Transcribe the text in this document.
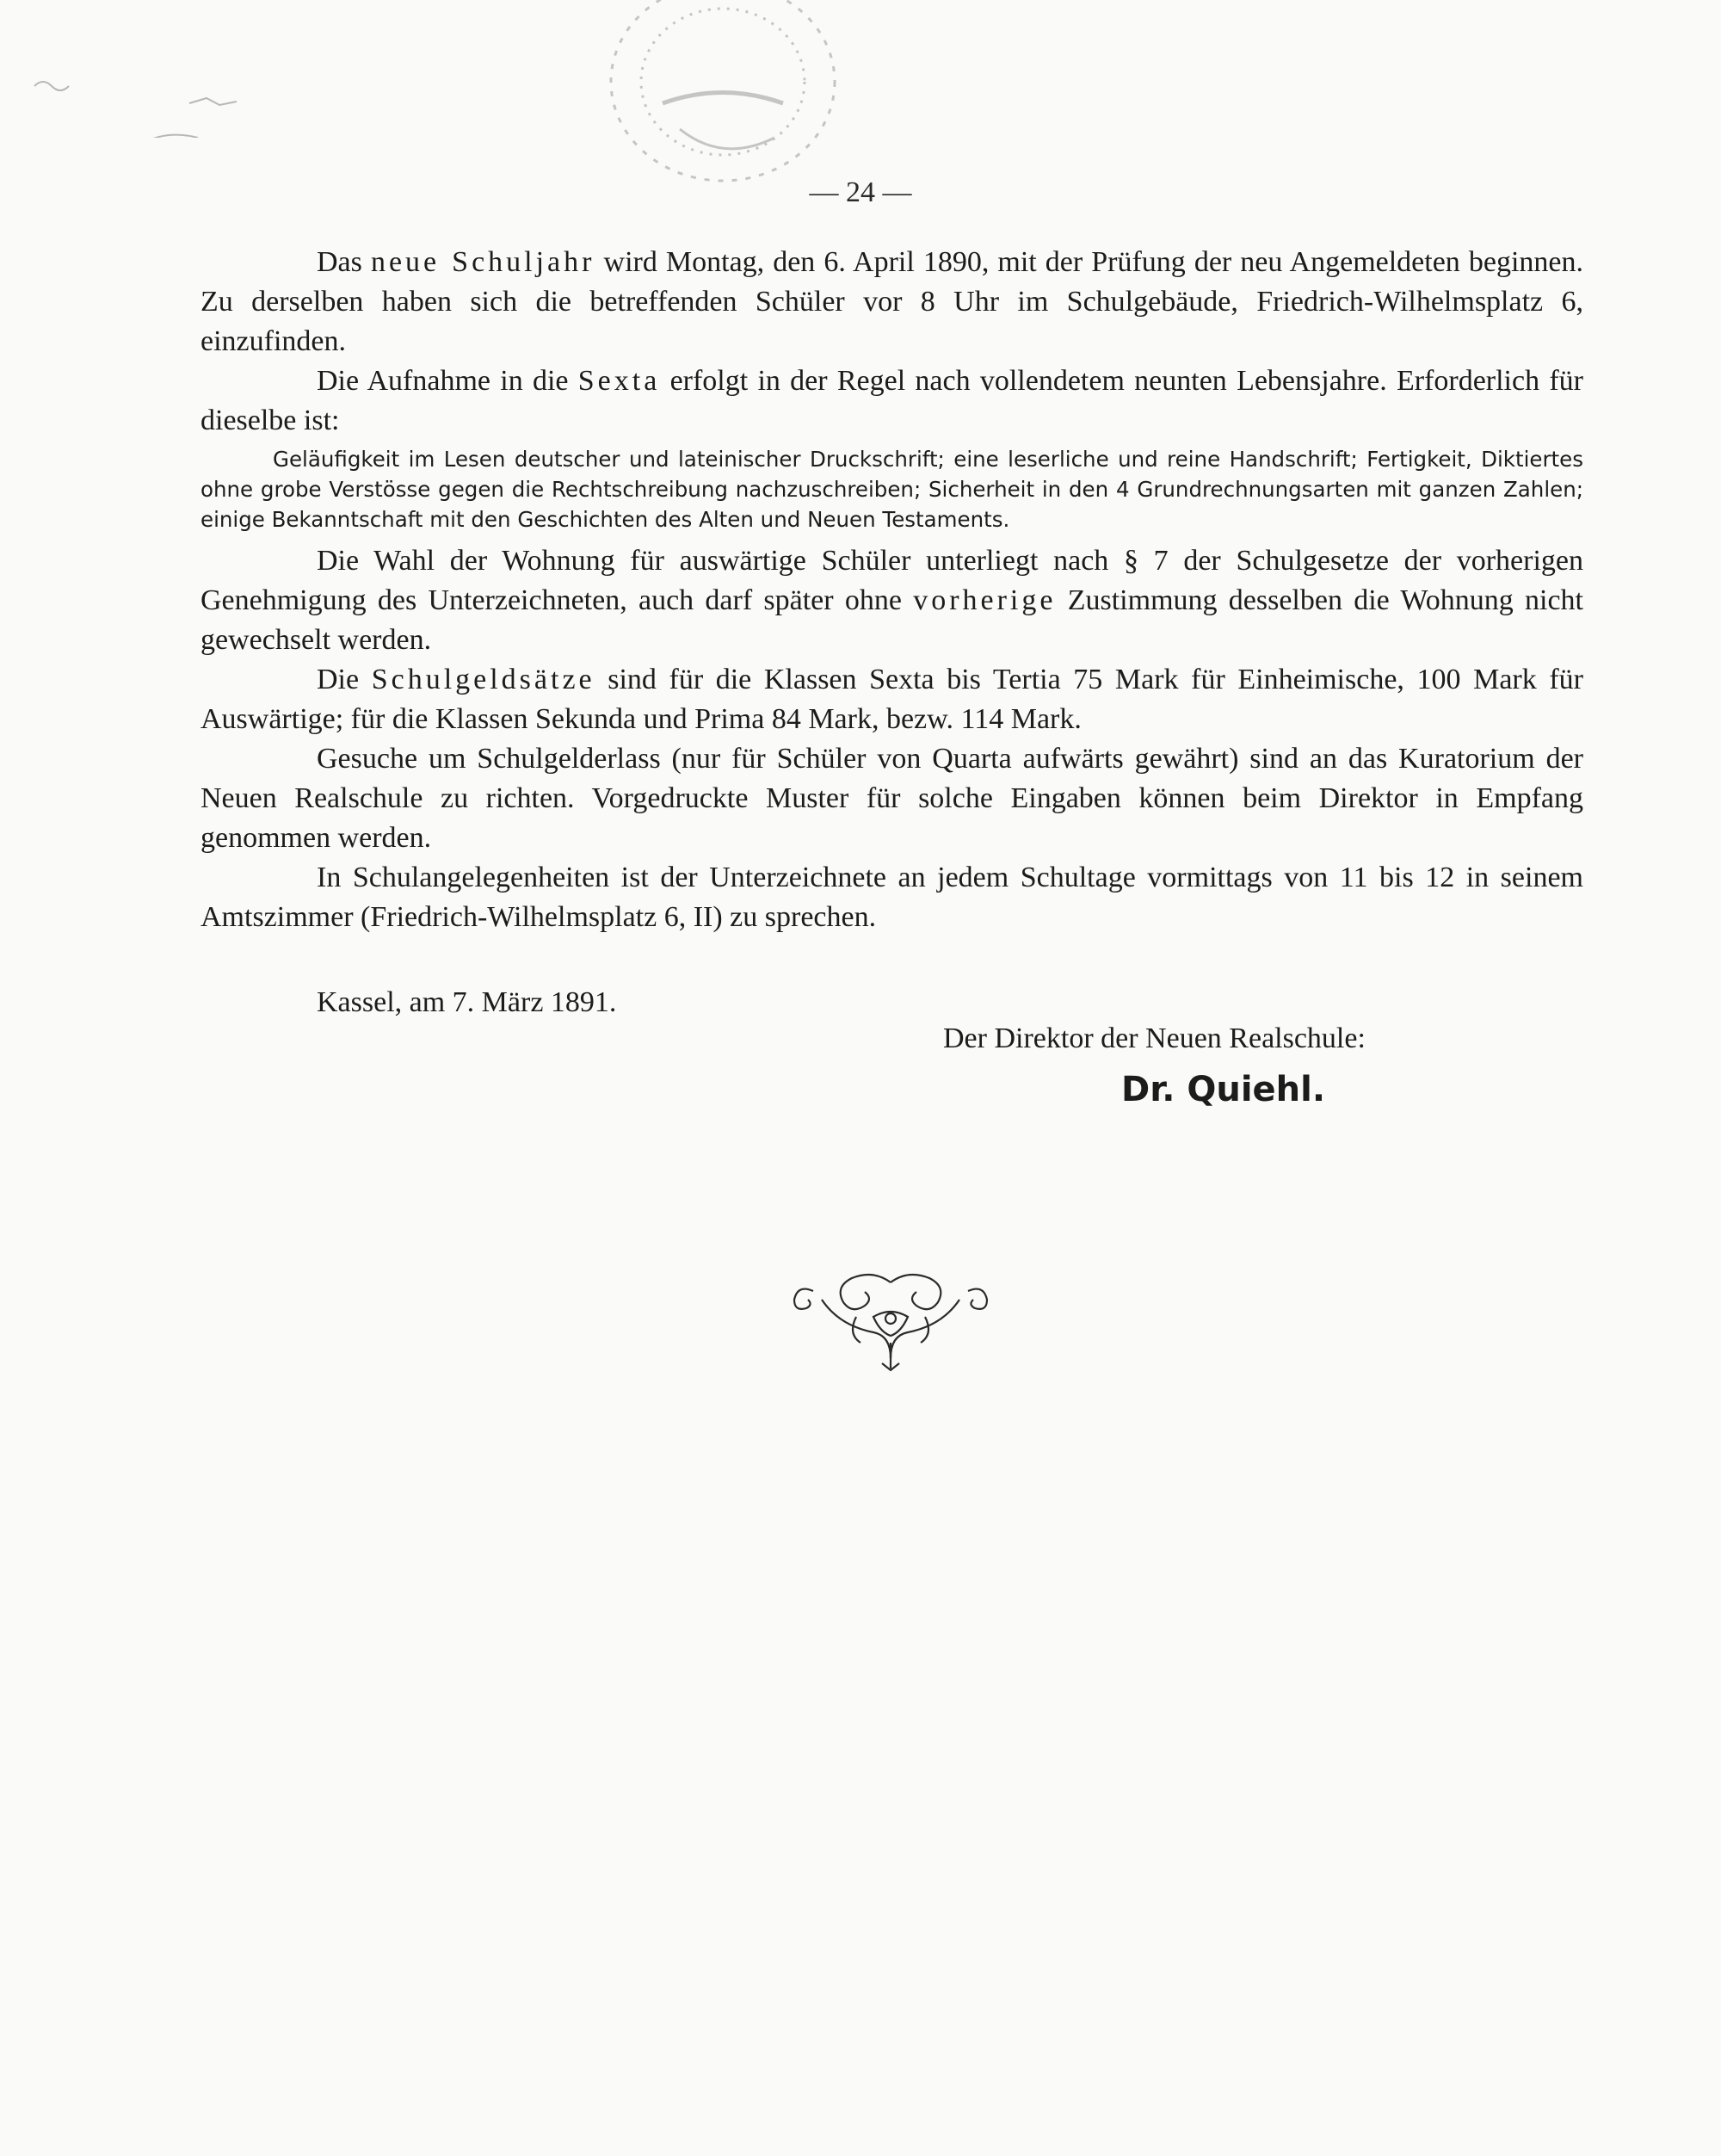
— 24 —

Das neue Schuljahr wird Montag, den 6. April 1890, mit der Prüfung der neu Angemeldeten beginnen. Zu derselben haben sich die betreffenden Schüler vor 8 Uhr im Schulgebäude, Friedrich-Wilhelmsplatz 6, einzufinden.

Die Aufnahme in die Sexta erfolgt in der Regel nach vollendetem neunten Lebensjahre. Erforderlich für dieselbe ist:

Geläufigkeit im Lesen deutscher und lateinischer Druckschrift; eine leserliche und reine Handschrift; Fertigkeit, Diktiertes ohne grobe Verstösse gegen die Rechtschreibung nachzuschreiben; Sicherheit in den 4 Grundrechnungsarten mit ganzen Zahlen; einige Bekanntschaft mit den Geschichten des Alten und Neuen Testaments.

Die Wahl der Wohnung für auswärtige Schüler unterliegt nach § 7 der Schulgesetze der vorherigen Genehmigung des Unterzeichneten, auch darf später ohne vorherige Zustimmung desselben die Wohnung nicht gewechselt werden.

Die Schulgeldsätze sind für die Klassen Sexta bis Tertia 75 Mark für Einheimische, 100 Mark für Auswärtige; für die Klassen Sekunda und Prima 84 Mark, bezw. 114 Mark.

Gesuche um Schulgelderlass (nur für Schüler von Quarta aufwärts gewährt) sind an das Kuratorium der Neuen Realschule zu richten. Vorgedruckte Muster für solche Eingaben können beim Direktor in Empfang genommen werden.

In Schulangelegenheiten ist der Unterzeichnete an jedem Schultage vormittags von 11 bis 12 in seinem Amtszimmer (Friedrich-Wilhelmsplatz 6, II) zu sprechen.

Kassel, am 7. März 1891.
Der Direktor der Neuen Realschule:
Dr. Quiehl.
